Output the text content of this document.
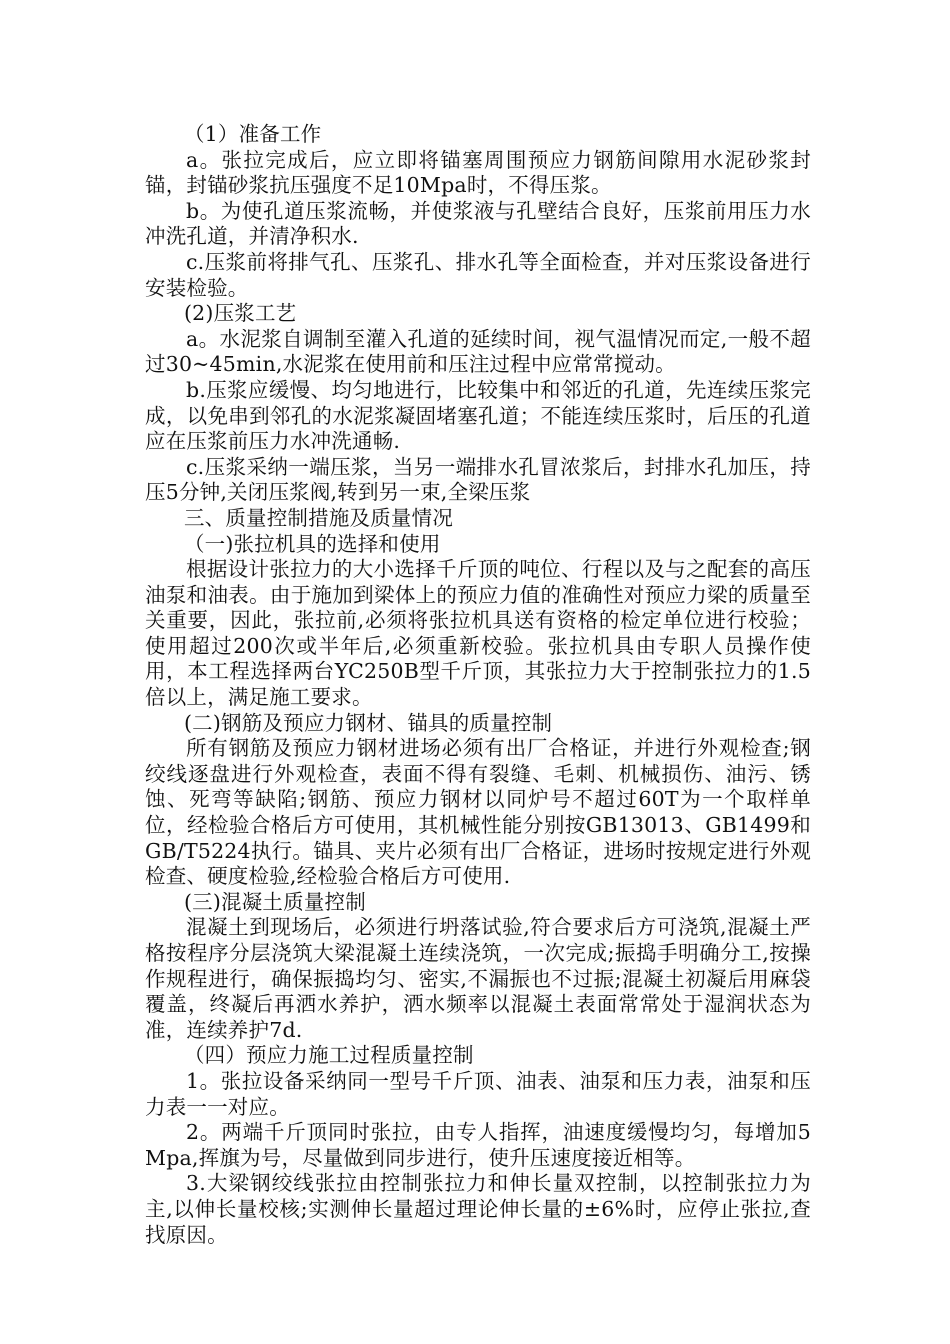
（1）准备工作

a。张拉完成后，应立即将锚塞周围预应力钢筋间隙用水泥砂浆封锚，封锚砂浆抗压强度不足10Mpa时，不得压浆。

b。为使孔道压浆流畅，并使浆液与孔壁结合良好，压浆前用压力水冲洗孔道，并清净积水.

c.压浆前将排气孔、压浆孔、排水孔等全面检查，并对压浆设备进行安装检验。

(2)压浆工艺

a。水泥浆自调制至灌入孔道的延续时间，视气温情况而定,一般不超过30~45min,水泥浆在使用前和压注过程中应常常搅动。

b.压浆应缓慢、均匀地进行，比较集中和邻近的孔道，先连续压浆完成，以免串到邻孔的水泥浆凝固堵塞孔道；不能连续压浆时，后压的孔道应在压浆前压力水冲洗通畅.

c.压浆采纳一端压浆，当另一端排水孔冒浓浆后，封排水孔加压，持压5分钟,关闭压浆阀,转到另一束,全梁压浆

三、质量控制措施及质量情况

（一)张拉机具的选择和使用

根据设计张拉力的大小选择千斤顶的吨位、行程以及与之配套的高压油泵和油表。由于施加到梁体上的预应力值的准确性对预应力梁的质量至关重要，因此，张拉前,必须将张拉机具送有资格的检定单位进行校验；使用超过200次或半年后,必须重新校验。张拉机具由专职人员操作使用，本工程选择两台YC250B型千斤顶，其张拉力大于控制张拉力的1.5倍以上，满足施工要求。

(二)钢筋及预应力钢材、锚具的质量控制

所有钢筋及预应力钢材进场必须有出厂合格证，并进行外观检查;钢绞线逐盘进行外观检查，表面不得有裂缝、毛刺、机械损伤、油污、锈蚀、死弯等缺陷;钢筋、预应力钢材以同炉号不超过60T为一个取样单位，经检验合格后方可使用，其机械性能分别按GB13013、GB1499和GB/T5224执行。锚具、夹片必须有出厂合格证，进场时按规定进行外观检查、硬度检验,经检验合格后方可使用.

(三)混凝土质量控制

混凝土到现场后，必须进行坍落试验,符合要求后方可浇筑,混凝土严格按程序分层浇筑大梁混凝土连续浇筑，一次完成;振捣手明确分工,按操作规程进行，确保振捣均匀、密实,不漏振也不过振;混凝土初凝后用麻袋覆盖，终凝后再洒水养护，洒水频率以混凝土表面常常处于湿润状态为准，连续养护7d.

（四）预应力施工过程质量控制

1。张拉设备采纳同一型号千斤顶、油表、油泵和压力表，油泵和压力表一一对应。

2。两端千斤顶同时张拉，由专人指挥，油速度缓慢均匀，每增加5Mpa,挥旗为号，尽量做到同步进行，使升压速度接近相等。

3.大梁钢绞线张拉由控制张拉力和伸长量双控制，以控制张拉力为主,以伸长量校核;实测伸长量超过理论伸长量的±6%时，应停止张拉,查找原因。
